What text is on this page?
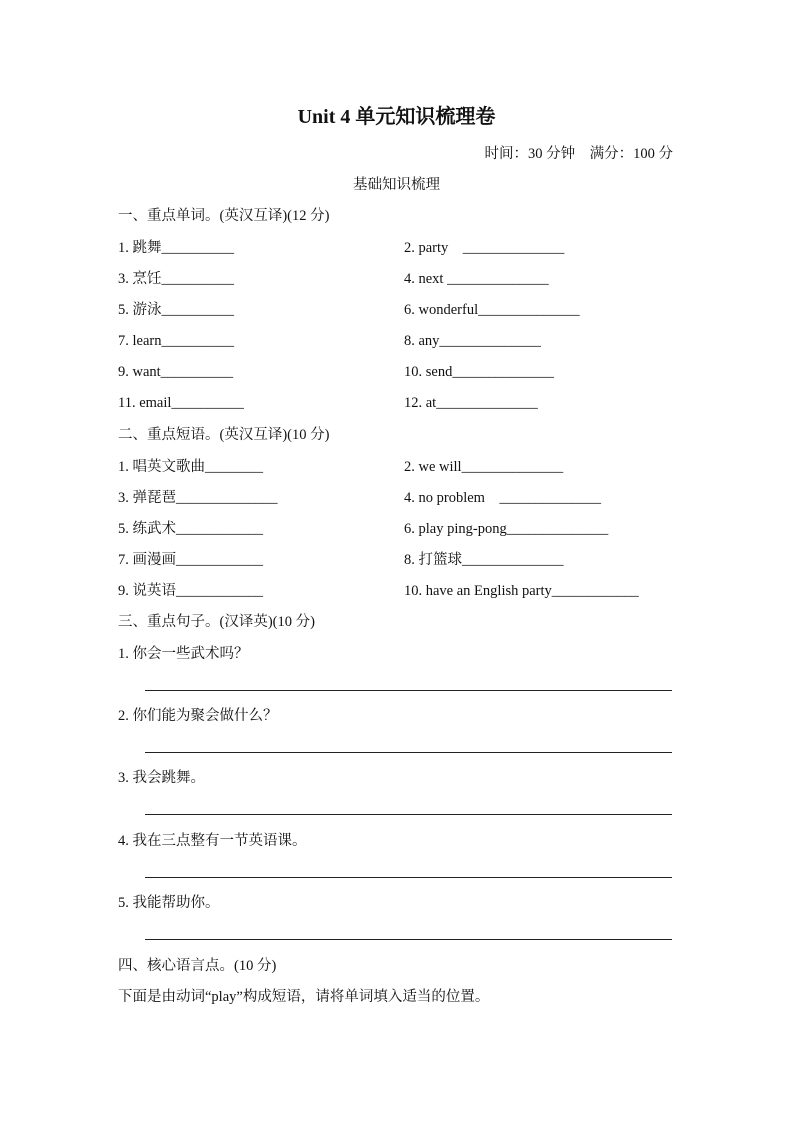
Unit 4 单元知识梳理卷
时间：30 分钟　满分：100 分
基础知识梳理
一、重点单词。(英汉互译)(12 分)
1. 跳舞__________	2. party    ______________
3. 烹饪__________	4. next ______________
5. 游泳__________	6. wonderful______________
7. learn__________	8. any______________
9. want__________	10. send______________
11. email__________	12. at______________
二、重点短语。(英汉互译)(10 分)
1. 唱英文歌曲________	2. we will______________
3. 弹琵琶______________	4. no problem    ______________
5. 练武术____________	6. play ping-pong______________
7. 画漫画____________	8. 打篮球______________
9. 说英语____________	10. have an English party____________
三、重点句子。(汉译英)(10 分)
1. 你会一些武术吗？
2. 你们能为聚会做什么？
3. 我会跳舞。
4. 我在三点整有一节英语课。
5. 我能帮助你。
四、核心语言点。(10 分)
下面是由动词“play”构成短语，请将单词填入适当的位置。
